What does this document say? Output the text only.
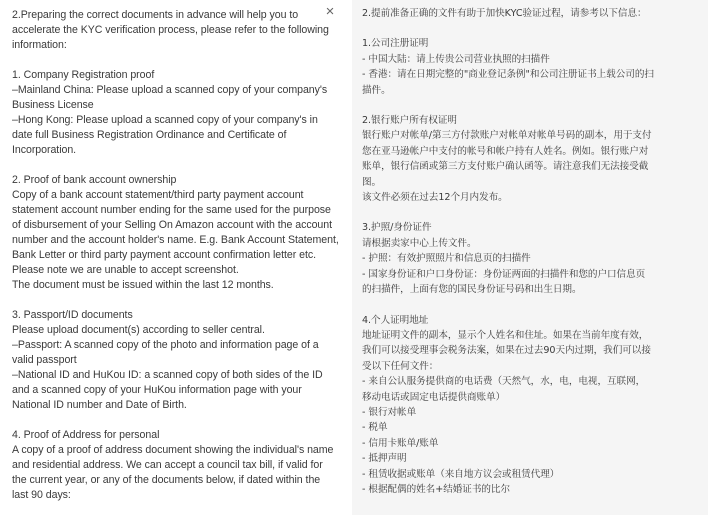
2.Preparing the correct documents in advance will help you to
accelerate the KYC verification process, please refer to the following
information:
1. Company Registration proof
–Mainland China: Please upload a scanned copy of your company's
Business License
–Hong Kong: Please upload a scanned copy of your company's in
date full Business Registration Ordinance and Certificate of
Incorporation.
2. Proof of bank account ownership
Copy of a bank account statement/third party payment account
statement account number ending for the same used for the purpose
of disbursement of your Selling On Amazon account with the account
number and the account holder's name. E.g. Bank Account Statement,
Bank Letter or third party payment account confirmation letter etc.
Please note we are unable to accept screenshot.
The document must be issued within the last 12 months.
3. Passport/ID documents
Please upload document(s) according to seller central.
–Passport: A scanned copy of the photo and information page of a
valid passport
–National ID and HuKou ID: a scanned copy of both sides of the ID
and a scanned copy of your HuKou information page with your
National ID number and Date of Birth.
4. Proof of Address for personal
A copy of a proof of address document showing the individual's name
and residential address. We can accept a council tax bill, if valid for
the current year, or any of the documents below, if dated within the
last 90 days:
×	2.提前准备正确的文件有助于加快KYC验证过程，请参考以下信息：
1.公司注册证明
- 中国大陆：请上传贵公司营业执照的扫描件
- 香港：请在日期完整的"商业登记条例"和公司注册证书上载公司的扫
描件。
2.银行账户所有权证明
银行账户对帐单/第三方付款账户对帐单对帐单号码的副本，用于支付
您在亚马逊帐户中支付的帐号和帐户持有人姓名。例如。银行账户对
账单，银行信函或第三方支付账户确认函等。请注意我们无法接受截
图。
该文件必须在过去12个月内发布。
3.护照/身份证件
请根据卖家中心上传文件。
- 护照：有效护照照片和信息页的扫描件
- 国家身份证和户口身份证：身份证两面的扫描件和您的户口信息页
的扫描件，上面有您的国民身份证号码和出生日期。
4.个人证明地址
地址证明文件的副本，显示个人姓名和住址。如果在当前年度有效，
我们可以接受理事会税务法案，如果在过去90天内过期，我们可以接
受以下任何文件：
- 来自公认服务提供商的电话费（天然气，水，电，电视，互联网，
移动电话或固定电话提供商账单）
- 银行对帐单
- 税单
- 信用卡账单/账单
- 抵押声明
- 租赁收据或账单（来自地方议会或租赁代理）
- 根据配偶的姓名+结婚证书的比尔
